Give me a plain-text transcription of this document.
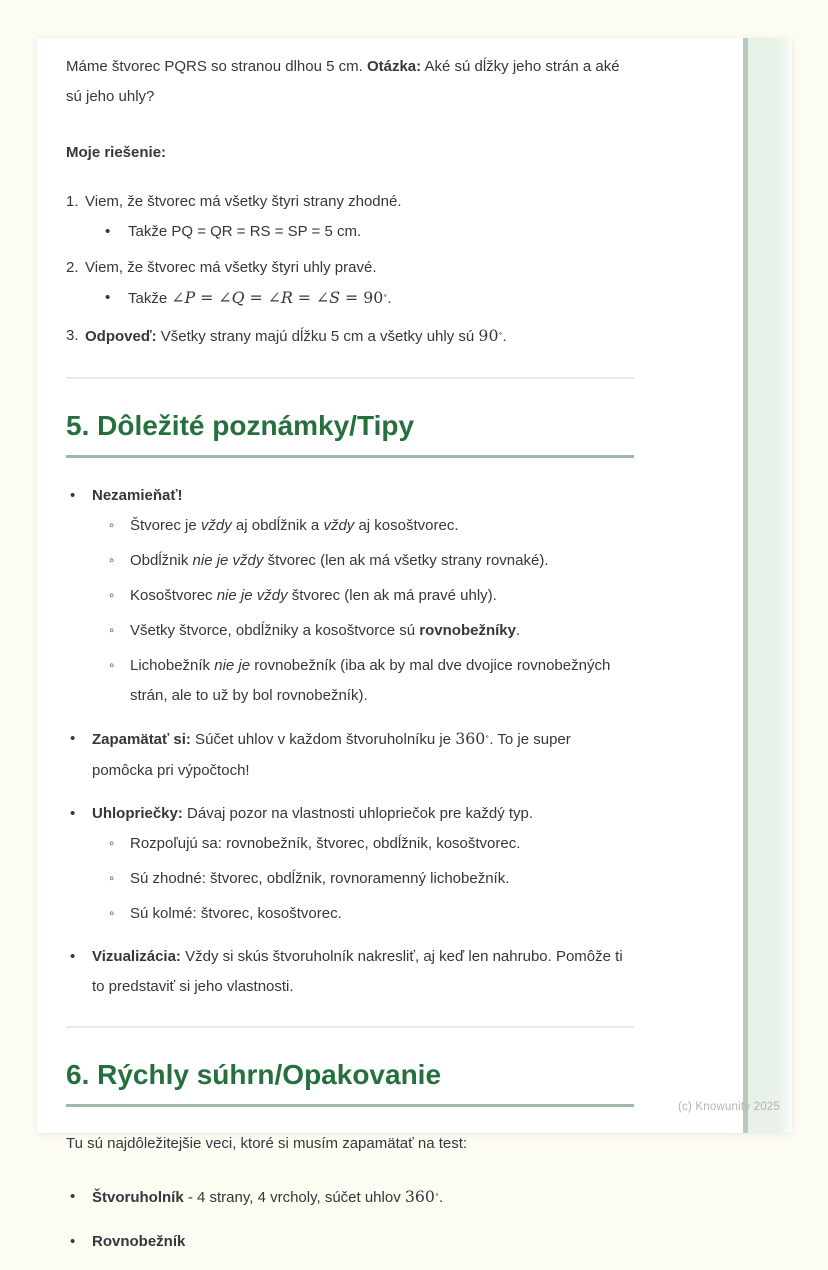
Máme štvorec PQRS so stranou dlhou 5 cm. Otázka: Aké sú dĺžky jeho strán a aké sú jeho uhly?

Moje riešenie:

Viem, že štvorec má všetky štyri strany zhodné.
• Takže PQ = QR = RS = SP = 5 cm.
Viem, že štvorec má všetky štyri uhly pravé.
• Takže ∠P = ∠Q = ∠R = ∠S = 90∘.
Odpoveď: Všetky strany majú dĺžku 5 cm a všetky uhly sú 90∘.
5. Dôležité poznámky/Tipy
• Nezamieňať!
◦ Štvorec je vždy aj obdĺžnik a vždy aj kosoštvorec.
◦ Obdĺžnik nie je vždy štvorec (len ak má všetky strany rovnaké).
◦ Kosoštvorec nie je vždy štvorec (len ak má pravé uhly).
◦ Všetky štvorce, obdĺžniky a kosoštvorce sú rovnobežníky.
◦ Lichobežník nie je rovnobežník (iba ak by mal dve dvojice rovnobežných strán, ale to už by bol rovnobežník).
• Zapamätať si: Súčet uhlov v každom štvoruholníku je 360∘. To je super pomôcka pri výpočtoch!
• Uhlopriečky: Dávaj pozor na vlastnosti uhlopriečok pre každý typ.
◦ Rozpoľujú sa: rovnobežník, štvorec, obdĺžnik, kosoštvorec.
◦ Sú zhodné: štvorec, obdĺžnik, rovnoramenný lichobežník.
◦ Sú kolmé: štvorec, kosoštvorec.
• Vizualizácia: Vždy si skús štvoruholník nakresliť, aj keď len nahrubo. Pomôže ti to predstaviť si jeho vlastnosti.
6. Rýchly súhrn/Opakovanie

Tu sú najdôležitejšie veci, ktoré si musím zapamätať na test:

• Štvoruholník - 4 strany, 4 vrcholy, súčet uhlov 360∘.
• Rovnobežník
(c) Knowunity 2025
